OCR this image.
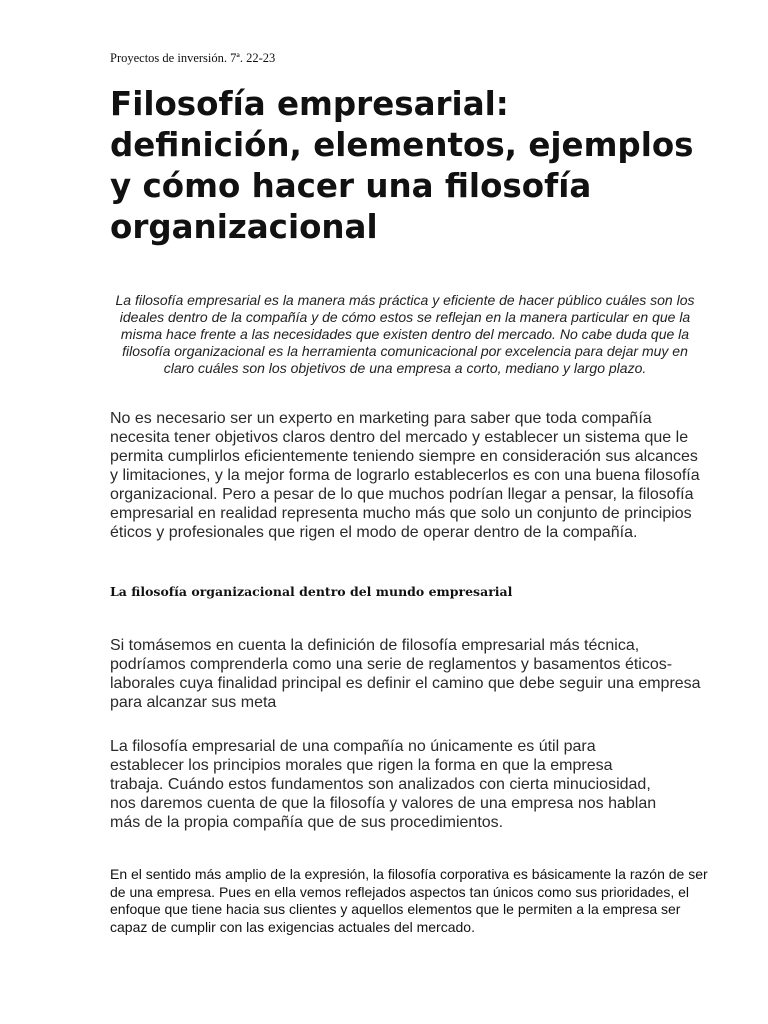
Proyectos de inversión. 7ª. 22-23
Filosofía empresarial: definición, elementos, ejemplos y cómo hacer una filosofía organizacional

La filosofía empresarial es la manera más práctica y eficiente de hacer público cuáles son los ideales dentro de la compañía y de cómo estos se reflejan en la manera particular en que la misma hace frente a las necesidades que existen dentro del mercado. No cabe duda que la filosofía organizacional es la herramienta comunicacional por excelencia para dejar muy en claro cuáles son los objetivos de una empresa a corto, mediano y largo plazo.

No es necesario ser un experto en marketing para saber que toda compañía necesita tener objetivos claros dentro del mercado y establecer un sistema que le permita cumplirlos eficientemente teniendo siempre en consideración sus alcances y limitaciones, y la mejor forma de lograrlo establecerlos es con una buena filosofía organizacional. Pero a pesar de lo que muchos podrían llegar a pensar, la filosofía empresarial en realidad representa mucho más que solo un conjunto de principios éticos y profesionales que rigen el modo de operar dentro de la compañía.

La filosofía organizacional dentro del mundo empresarial

Si tomásemos en cuenta la definición de filosofía empresarial más técnica, podríamos comprenderla como una serie de reglamentos y basamentos éticos-laborales cuya finalidad principal es definir el camino que debe seguir una empresa para alcanzar sus meta

La filosofía empresarial de una compañía no únicamente es útil para establecer los principios morales que rigen la forma en que la empresa trabaja. Cuándo estos fundamentos son analizados con cierta minuciosidad, nos daremos cuenta de que la filosofía y valores de una empresa nos hablan más de la propia compañía que de sus procedimientos.

En el sentido más amplio de la expresión, la filosofía corporativa es básicamente la razón de ser de una empresa. Pues en ella vemos reflejados aspectos tan únicos como sus prioridades, el enfoque que tiene hacia sus clientes y aquellos elementos que le permiten a la empresa ser capaz de cumplir con las exigencias actuales del mercado.
